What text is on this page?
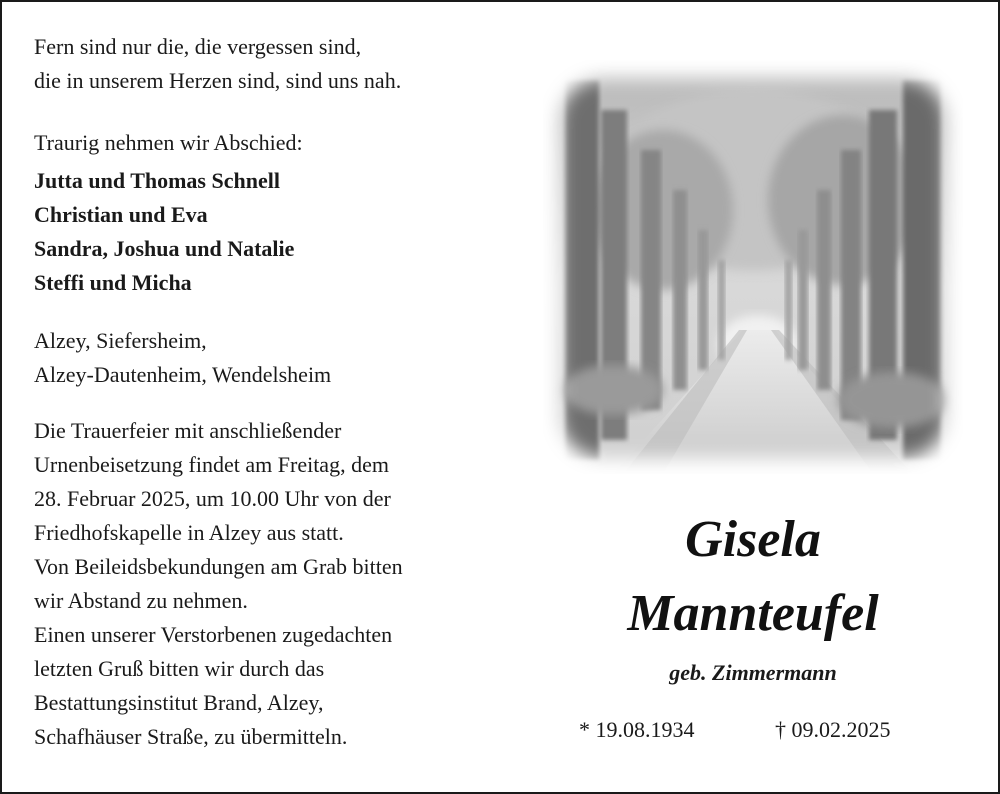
Fern sind nur die, die vergessen sind,

die in unserem Herzen sind, sind uns nah.

Traurig nehmen wir Abschied:

Jutta und Thomas Schnell

Christian und Eva

Sandra, Joshua und Natalie

Steffi und Micha

Alzey, Siefersheim,

Alzey-Dautenheim, Wendelsheim

Die Trauerfeier mit anschließender

Urnenbeisetzung findet am Freitag, dem

28. Februar 2025, um 10.00 Uhr von der

Friedhofskapelle in Alzey aus statt.

Von Beileidsbekundungen am Grab bitten

wir Abstand zu nehmen.

Einen unserer Verstorbenen zugedachten

letzten Gruß bitten wir durch das

Bestattungsinstitut Brand, Alzey,

Schafhäuser Straße, zu übermitteln.

Gisela
Mannteufel
geb. Zimmermann
* 19.08.1934	† 09.02.2025
